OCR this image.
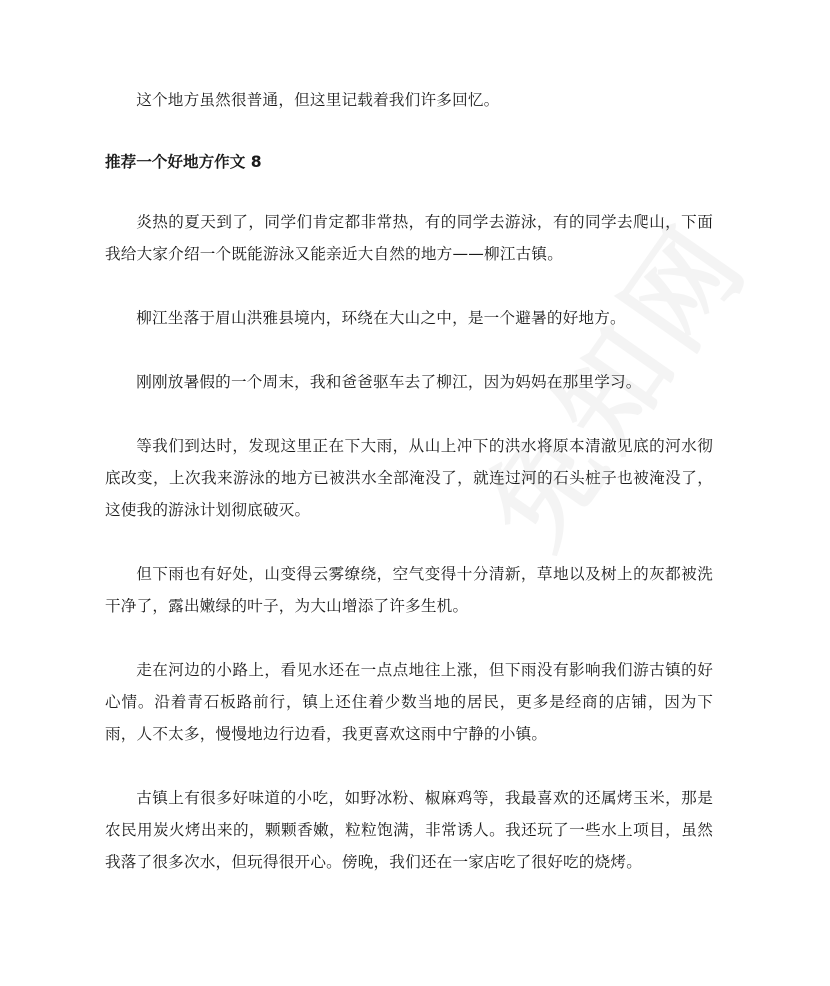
这个地方虽然很普通，但这里记载着我们许多回忆。

推荐一个好地方作文 8

炎热的夏天到了，同学们肯定都非常热，有的同学去游泳，有的同学去爬山，下面我给大家介绍一个既能游泳又能亲近大自然的地方——柳江古镇。

柳江坐落于眉山洪雅县境内，环绕在大山之中，是一个避暑的好地方。

刚刚放暑假的一个周末，我和爸爸驱车去了柳江，因为妈妈在那里学习。

等我们到达时，发现这里正在下大雨，从山上冲下的洪水将原本清澈见底的河水彻底改变，上次我来游泳的地方已被洪水全部淹没了，就连过河的石头桩子也被淹没了，这使我的游泳计划彻底破灭。

但下雨也有好处，山变得云雾缭绕，空气变得十分清新，草地以及树上的灰都被洗干净了，露出嫩绿的叶子，为大山增添了许多生机。

走在河边的小路上，看见水还在一点点地往上涨，但下雨没有影响我们游古镇的好心情。沿着青石板路前行，镇上还住着少数当地的居民，更多是经商的店铺，因为下雨，人不太多，慢慢地边行边看，我更喜欢这雨中宁静的小镇。

古镇上有很多好味道的小吃，如野冰粉、椒麻鸡等，我最喜欢的还属烤玉米，那是农民用炭火烤出来的，颗颗香嫩，粒粒饱满，非常诱人。我还玩了一些水上项目，虽然我落了很多次水，但玩得很开心。傍晚，我们还在一家店吃了很好吃的烧烤。
